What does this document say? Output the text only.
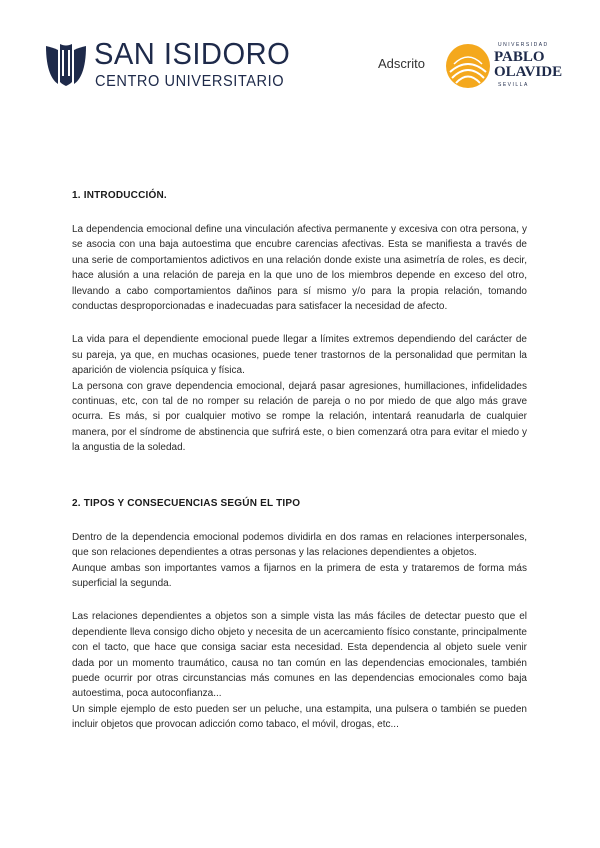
SAN ISIDORO
CENTRO UNIVERSITARIO
Adscrito
UNIVERSIDAD
PABLO
OLAVIDE
SEVILLA
1. INTRODUCCIÓN.

La dependencia emocional define una vinculación afectiva permanente y excesiva con otra persona, y se asocia con una baja autoestima que encubre carencias afectivas. Esta se manifiesta a través de una serie de comportamientos adictivos en una relación donde existe una asimetría de roles, es decir, hace alusión a una relación de pareja en la que uno de los miembros depende en exceso del otro, llevando a cabo comportamientos dañinos para sí mismo y/o para la propia relación, tomando conductas desproporcionadas e inadecuadas para satisfacer la necesidad de afecto.

La vida para el dependiente emocional puede llegar a límites extremos dependiendo del carácter de su pareja, ya que, en muchas ocasiones, puede tener trastornos de la personalidad que permitan la aparición de violencia psíquica y física.

La persona con grave dependencia emocional, dejará pasar agresiones, humillaciones, infidelidades continuas, etc, con tal de no romper su relación de pareja o no por miedo de que algo más grave ocurra. Es más, si por cualquier motivo se rompe la relación, intentará reanudarla de cualquier manera, por el síndrome de abstinencia que sufrirá este, o bien comenzará otra para evitar el miedo y la angustia de la soledad.

2. TIPOS Y CONSECUENCIAS SEGÚN EL TIPO

Dentro de la dependencia emocional podemos dividirla en dos ramas en relaciones interpersonales, que son relaciones dependientes a otras personas y las relaciones dependientes a objetos.

Aunque ambas son importantes vamos a fijarnos en la primera de esta y trataremos de forma más superficial la segunda.

Las relaciones dependientes a objetos son a simple vista las más fáciles de detectar puesto que el dependiente lleva consigo dicho objeto y necesita de un acercamiento físico constante, principalmente con el tacto, que hace que consiga saciar esta necesidad. Esta dependencia al objeto suele venir dada por un momento traumático, causa no tan común en las dependencias emocionales, también puede ocurrir por otras circunstancias más comunes en las dependencias emocionales como baja autoestima, poca autoconfianza...

Un simple ejemplo de esto pueden ser un peluche, una estampita, una pulsera o también se pueden incluir objetos que provocan adicción como tabaco, el móvil, drogas, etc...
